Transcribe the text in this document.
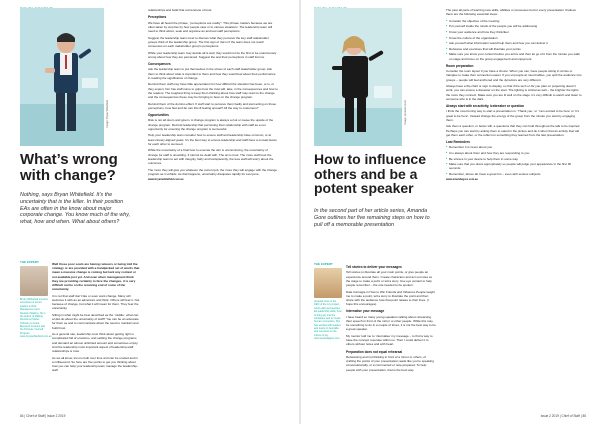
Image: Bryan Whitefield
What’s wrong with change?
Nothing, says Bryan Whitefield. It’s the uncertainty that is the killer. In their position EAs are often in the know about major corporate change. You know much of the why, what, how and when. What about others?
THE EXPERT
Bryan Whitefield mentors executives & senior leaders in Risk Management and Decision Making. He is the author of Making Decisions Harder: Ordinary to Great Business Lessons and the Promote Yourself Program. www.bryanwhitefield.com.au

Well those poor souls are having rumours or being told the strategy or are provided with a handpicked set of words that mean a massive change is coming but lack any context or not available just yet. And even when management think they are providing certainty to face the changes, it is very difficult not be on the receiving end of some of the uncertainty.

It is not that staff don’t like or even want change. Many will welcome it with as an adventure and think. Others will fear it. Not because of change, but what it will mean for them. They fear the uncertainty.

Sitting in what might be best described as the ‘middle’, what can an EA do about the uncertainty of staff? You can be an advocate for them as and to communicate about the need to maintain and build trust.

As a general rule, leadership must think about getting right is complicated full of emotions, and settling the change programs and demand an almost unlimited amount and sometimes empty. And the leadership must important aspect of leadership-staff relationships is trust.

As we all know, trust is built over time and can be eroded and in a millisecond. So here are five points to get you thinking about how you can help your leadership team manage the leadership-staff

relationships and build that cornerstone of trust.

Perceptions

We have all heard the phrase, “perceptions are reality”. This phrase matters because we are often taken by surprise by how people view or to various situations. The leadership team will need to think about, seek and organise an and test staff perceptions.

Suggest the leadership team meet to discuss what they perceive the key staff stakeholder groups think of the leadership group. The first sign of risk is if the team does not reach consensus on each stakeholder group’s perceptions.

While your leadership team may decide all is well, they would not be the first to be unanimously wrong about how they are perceived. Suggest the test their perceptions in staff forums.

Consequences

Ask the leadership team to put themselves in the shoes of each staff stakeholder group. Ask them to think about what is important to them and how they would feel about their performance in reading the significance of change.

Remind them staff may have little appreciation for how difficult the situation has been, or is, or they expect. Nor has staff come to grips how the trust will, take, in the consequences and how to the readers. The toughest thing is keep them thinking about how staff may react to the change and the consequences these may be bringing to bear on the change program.

Remind them of the domino effect. If staff start to perceive them badly and start acting on those perceptions, how fast and far can this ill feeling spread? All the way to customers?

Opportunities

Risk is not all doom and gloom. A change program is always a risk or cause the upside of the change program. Remind leadership that perceiving their relationship with staff as a net opportunity for ensuring the change program is successful.

Help your leadership team consider how to ensure staff and leadership have common, or at least closely aligned goals. It’s the best way to ensure leadership and staff have a mutual desire for each other to succeed.

While the uncertainty of a final how to execute the aim is unconvincing, the uncertainty of change for staff is unsettling. It cannot be dealt with. The art is trust. The more staff trust the leadership team to act with integrity, fairly and transparently, the less staff will worry about the outcomes.

The more they will give you whatever the current job, the more they will engage with the change program as it unfolds. As that happens, uncertainty dissipates rapidly for everyone.

www.bryanwhitefield.com.au

84 | Chief of Staff | Issue 2 2019
Image: Amanda Gore
How to influence others and be a potent speaker
In the second part of her article series, Amanda Gore outlines her five remaining steps on how to pull off a memorable presentation
THE EXPERT
Amanda Gore is the CEO of the Joy project, works with and teaches EA leadership skills, how to bring joy into the workplace and to create human connection. She has worked with leaders and teams in Australia and overseas on the culture of joy. www.amandagore.com
Tell stories to deliver your messages

Tell stories to illustrate all your main points, or give people an experience around them. Create characters and act out roles so the stage to make a point or tell a story. Use eye contact to help people remember – the role needed to be spoken.

Dale Carnegie in How to Win Friends and Influence People taught me to make a point, tell a story to illustrate the point and then share with the audience how that point relates to their lives. (I hope this encourages).

Internalise your message

I have heard so many young speakers talking about rehearsing their speech in front of the mirror or other people. While this may be something to do in a couple of times, it is not the best way to be a great speaker.

My mentor told me to ‘internalise’ my message – to find a way to have the concept resonate within us. Then I could deliver it to others without notes and with heart.

Preparation does not equal rehearsal

Rehearsing and not thinking in front of a mirror or others, of crafting the points of your presentation reads like you’re speaking conversationally, or a commented or note-prepared. To help people with your presentation, that is the best way.

The past all parts of learning new skills, abilities or processes but for every presentation I believe there are the following essential steps:

● Consider the objective of the meeting
● Put yourself inside the minds of the people you will be addressing
● Know your audience and how they think/feel
● Know the culture of the organisation
● Ask yourself what information would help them and how you can deliver it
● Rehearse and exercises that will illustrate your points
● Make sure you know your content before you arrive and then let go of it from the minute you walk on stage and focus on the group engagement and enjoyment.
Room preparation

Consider the room layout if you have a choice. When you can, have people sitting in circles or triangles to make their connection easier. If you sit people at round tables, you split the audience into groups – people will feel anchored and the dynamics are very different.

Always have a flip chart or sign to display, so that if the tech or AV you plan on projecting doesn’t work, you can ensure a dissaster on the start. The lighting is critical as well – the brighter the lights the more they connect. Make sure you are lit well on the stage, it’s very difficult to watch and listen to someone who is in the dark.

Always start with an activity, icebreaker or question

I think the most boring way to start a presentation is: ‘Thank you,’ or ‘I am excited to be here’ or ‘It’s great to be here’. Instead change the energy of the group from the minute you start by engaging them.

Ask them a question, or better still, a questions that they can hold throughout the talk to be inspired. Perhaps you can start by asking them to stand in the picture and do it when that an activity that will get them each other, or the reflect on something they learned from the last presentation.

Last Reminders
● Remember it is never about you
● It is always about them and how they are responding to you
● Be sincere in your desire to help them in some way
● Make sure that you dress appropriately so people will judge your appearance in the first 30 seconds
● Remember, above all, have a great fun – even with serious subjects

www.amandagore.com.au

Issue 2 2019 | Chief of Staff | 85
